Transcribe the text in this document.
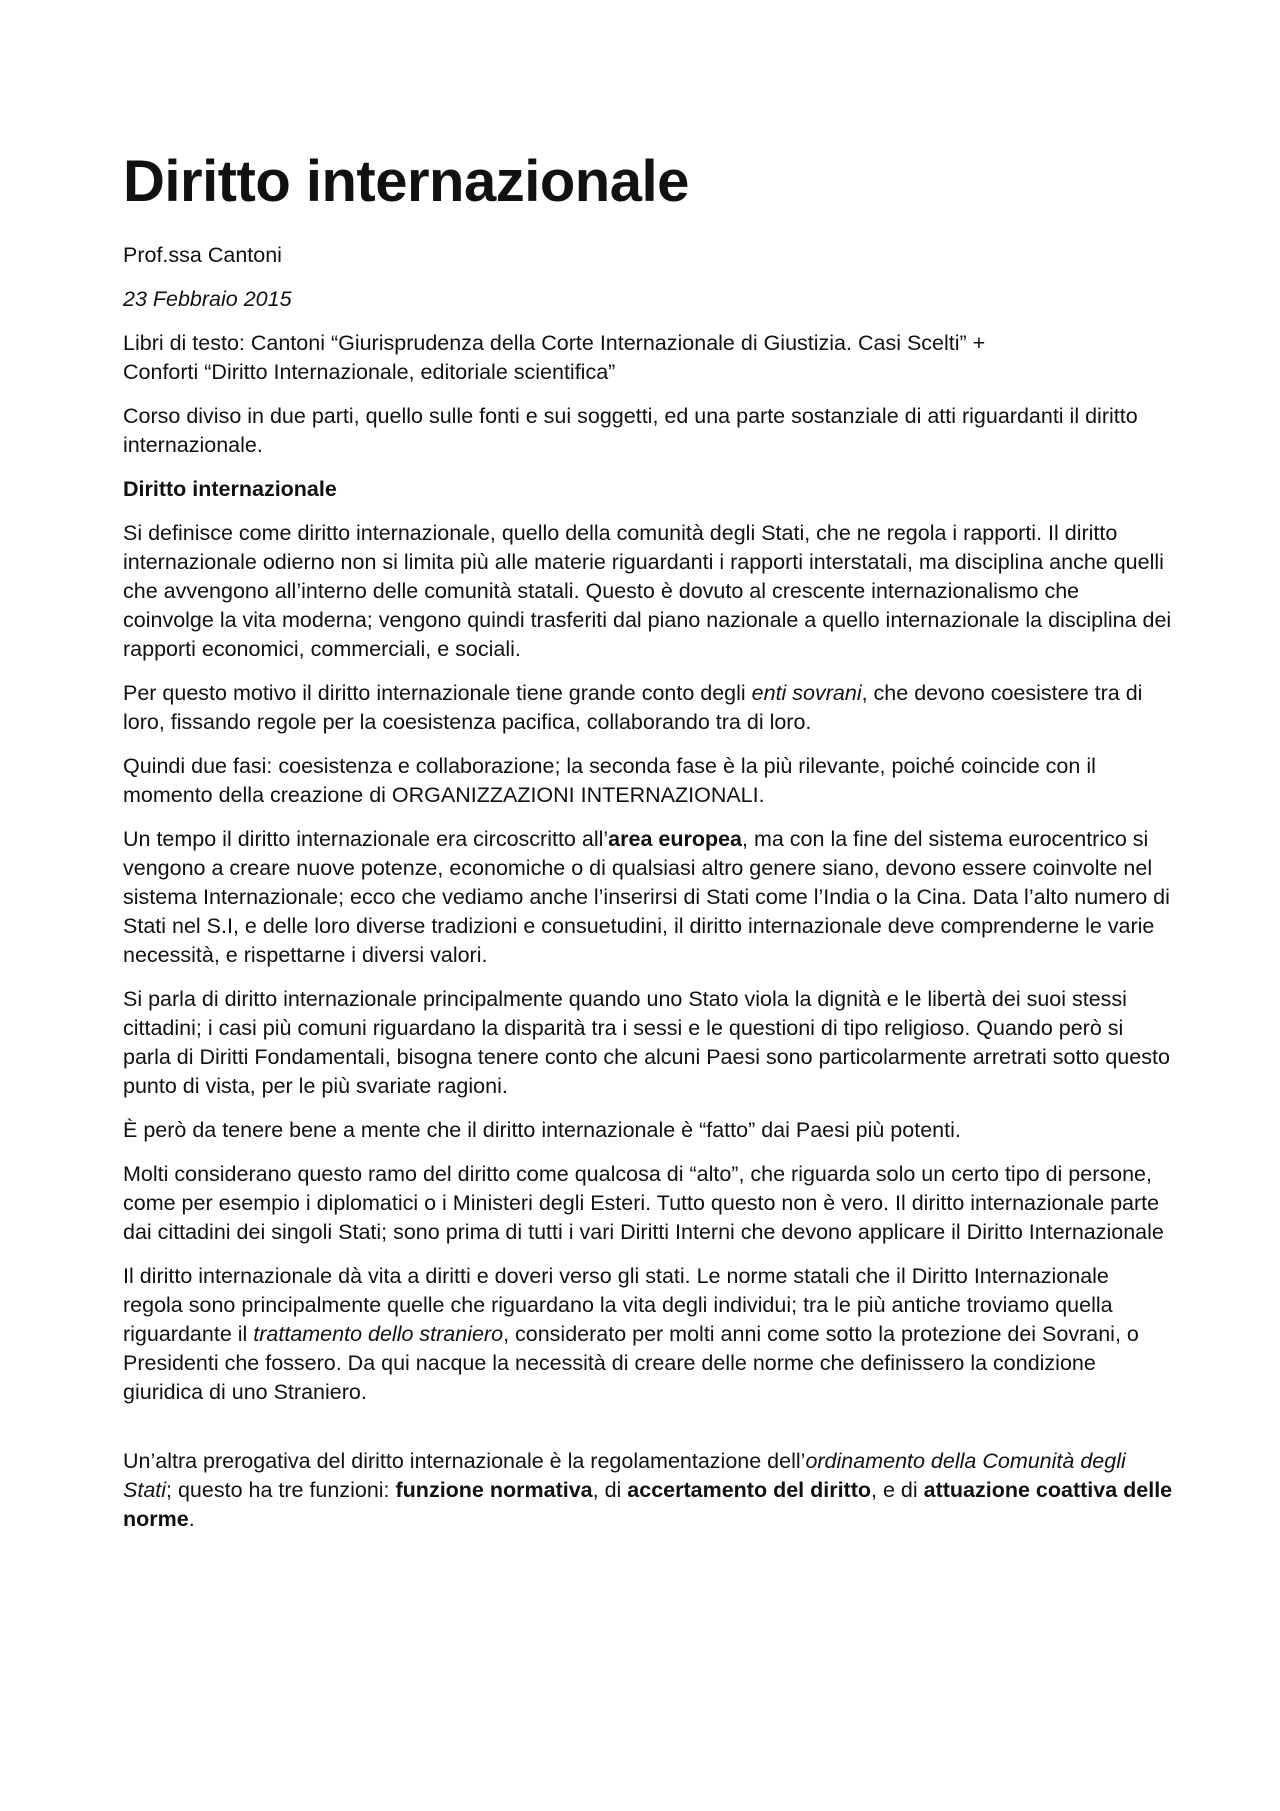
Diritto internazionale

Prof.ssa Cantoni

23 Febbraio 2015

Libri di testo: Cantoni “Giurisprudenza della Corte Internazionale di Giustizia. Casi Scelti” +
Conforti “Diritto Internazionale, editoriale scientifica”

Corso diviso in due parti, quello sulle fonti e sui soggetti, ed una parte sostanziale di atti riguardanti il diritto internazionale.

Diritto internazionale

Si definisce come diritto internazionale, quello della comunità degli Stati, che ne regola i rapporti. Il diritto internazionale odierno non si limita più alle materie riguardanti i rapporti interstatali, ma disciplina anche quelli che avvengono all’interno delle comunità statali. Questo è dovuto al crescente internazionalismo che coinvolge la vita moderna; vengono quindi trasferiti dal piano nazionale a quello internazionale la disciplina dei rapporti economici, commerciali, e sociali.

Per questo motivo il diritto internazionale tiene grande conto degli enti sovrani, che devono coesistere tra di loro, fissando regole per la coesistenza pacifica, collaborando tra di loro.

Quindi due fasi: coesistenza e collaborazione; la seconda fase è la più rilevante, poiché coincide con il momento della creazione di ORGANIZZAZIONI INTERNAZIONALI.

Un tempo il diritto internazionale era circoscritto all’area europea, ma con la fine del sistema eurocentrico si vengono a creare nuove potenze, economiche o di qualsiasi altro genere siano, devono essere coinvolte nel sistema Internazionale; ecco che vediamo anche l’inserirsi di Stati come l’India o la Cina. Data l’alto numero di Stati nel S.I, e delle loro diverse tradizioni e consuetudini, il diritto internazionale deve comprenderne le varie necessità, e rispettarne i diversi valori.

Si parla di diritto internazionale principalmente quando uno Stato viola la dignità e le libertà dei suoi stessi cittadini; i casi più comuni riguardano la disparità tra i sessi e le questioni di tipo religioso. Quando però si parla di Diritti Fondamentali, bisogna tenere conto che alcuni Paesi sono particolarmente arretrati sotto questo punto di vista, per le più svariate ragioni.

È però da tenere bene a mente che il diritto internazionale è “fatto” dai Paesi più potenti.

Molti considerano questo ramo del diritto come qualcosa di “alto”, che riguarda solo un certo tipo di persone, come per esempio i diplomatici o i Ministeri degli Esteri. Tutto questo non è vero. Il diritto internazionale parte dai cittadini dei singoli Stati; sono prima di tutti i vari Diritti Interni che devono applicare il Diritto Internazionale

Il diritto internazionale dà vita a diritti e doveri verso gli stati. Le norme statali che il Diritto Internazionale regola sono principalmente quelle che riguardano la vita degli individui; tra le più antiche troviamo quella riguardante il trattamento dello straniero, considerato per molti anni come sotto la protezione dei Sovrani, o Presidenti che fossero. Da qui nacque la necessità di creare delle norme che definissero la condizione giuridica di uno Straniero.

Un’altra prerogativa del diritto internazionale è la regolamentazione dell’ordinamento della Comunità degli Stati; questo ha tre funzioni: funzione normativa, di accertamento del diritto, e di attuazione coattiva delle norme.
